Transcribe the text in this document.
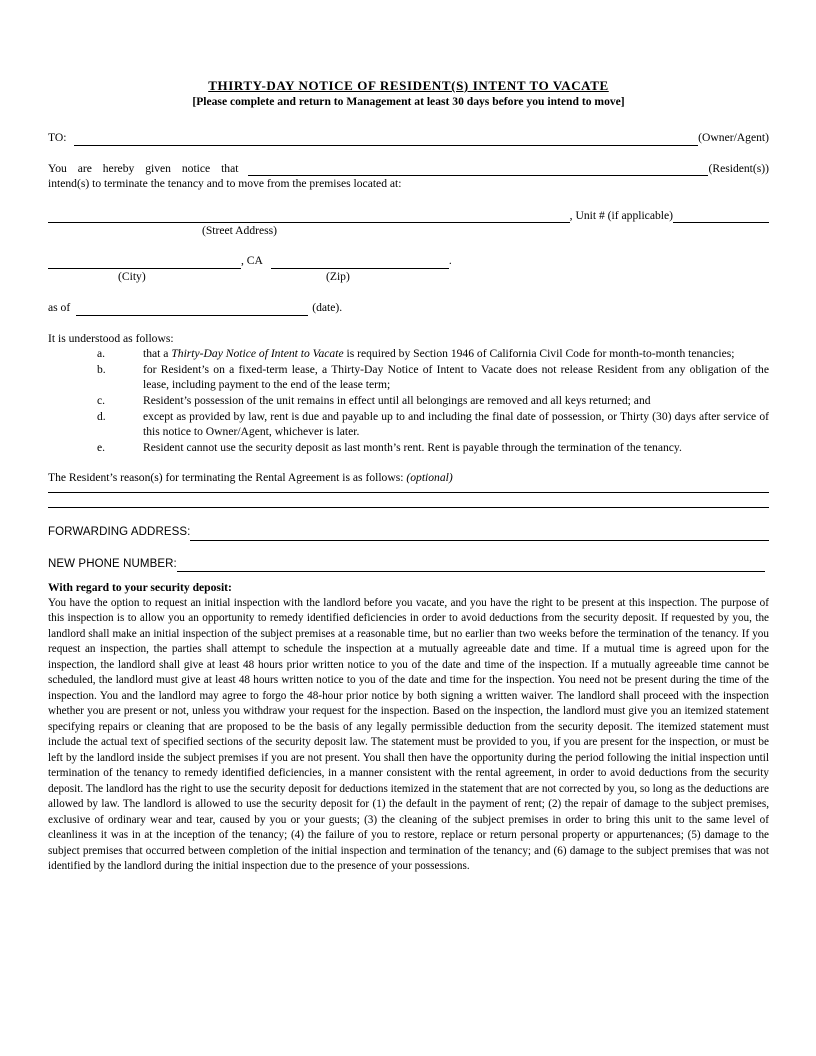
THIRTY-DAY NOTICE OF RESIDENT(S) INTENT TO VACATE
[Please complete and return to Management at least 30 days before you intend to move]
TO:	(Owner/Agent)
You are hereby given notice that	(Resident(s))
intend(s) to terminate the tenancy and to move from the premises located at:
, Unit # (if applicable)
(Street Address)
, CA	.
(City)	(Zip)
as of	(date).
It is understood as follows:
a.	that a Thirty-Day Notice of Intent to Vacate is required by Section 1946 of California Civil Code for month-to-month tenancies;
b.	for Resident’s on a fixed-term lease, a Thirty-Day Notice of Intent to Vacate does not release Resident from any obligation of the lease, including payment to the end of the lease term;
c.	Resident’s possession of the unit remains in effect until all belongings are removed and all keys returned; and
d.	except as provided by law, rent is due and payable up to and including the final date of possession, or Thirty (30) days after service of this notice to Owner/Agent, whichever is later.
e.	Resident cannot use the security deposit as last month’s rent. Rent is payable through the termination of the tenancy.
The Resident’s reason(s) for terminating the Rental Agreement is as follows: (optional)
FORWARDING ADDRESS:
NEW PHONE NUMBER:
With regard to your security deposit:
You have the option to request an initial inspection with the landlord before you vacate, and you have the right to be present at this inspection. The purpose of this inspection is to allow you an opportunity to remedy identified deficiencies in order to avoid deductions from the security deposit. If requested by you, the landlord shall make an initial inspection of the subject premises at a reasonable time, but no earlier than two weeks before the termination of the tenancy. If you request an inspection, the parties shall attempt to schedule the inspection at a mutually agreeable date and time. If a mutual time is agreed upon for the inspection, the landlord shall give at least 48 hours prior written notice to you of the date and time of the inspection. If a mutually agreeable time cannot be scheduled, the landlord must give at least 48 hours written notice to you of the date and time for the inspection. You need not be present during the time of the inspection. You and the landlord may agree to forgo the 48-hour prior notice by both signing a written waiver. The landlord shall proceed with the inspection whether you are present or not, unless you withdraw your request for the inspection. Based on the inspection, the landlord must give you an itemized statement specifying repairs or cleaning that are proposed to be the basis of any legally permissible deduction from the security deposit. The itemized statement must include the actual text of specified sections of the security deposit law. The statement must be provided to you, if you are present for the inspection, or must be left by the landlord inside the subject premises if you are not present. You shall then have the opportunity during the period following the initial inspection until termination of the tenancy to remedy identified deficiencies, in a manner consistent with the rental agreement, in order to avoid deductions from the security deposit. The landlord has the right to use the security deposit for deductions itemized in the statement that are not corrected by you, so long as the deductions are allowed by law. The landlord is allowed to use the security deposit for (1) the default in the payment of rent; (2) the repair of damage to the subject premises, exclusive of ordinary wear and tear, caused by you or your guests; (3) the cleaning of the subject premises in order to bring this unit to the same level of cleanliness it was in at the inception of the tenancy; (4) the failure of you to restore, replace or return personal property or appurtenances; (5) damage to the subject premises that occurred between completion of the initial inspection and termination of the tenancy; and (6) damage to the subject premises that was not identified by the landlord during the initial inspection due to the presence of your possessions.
